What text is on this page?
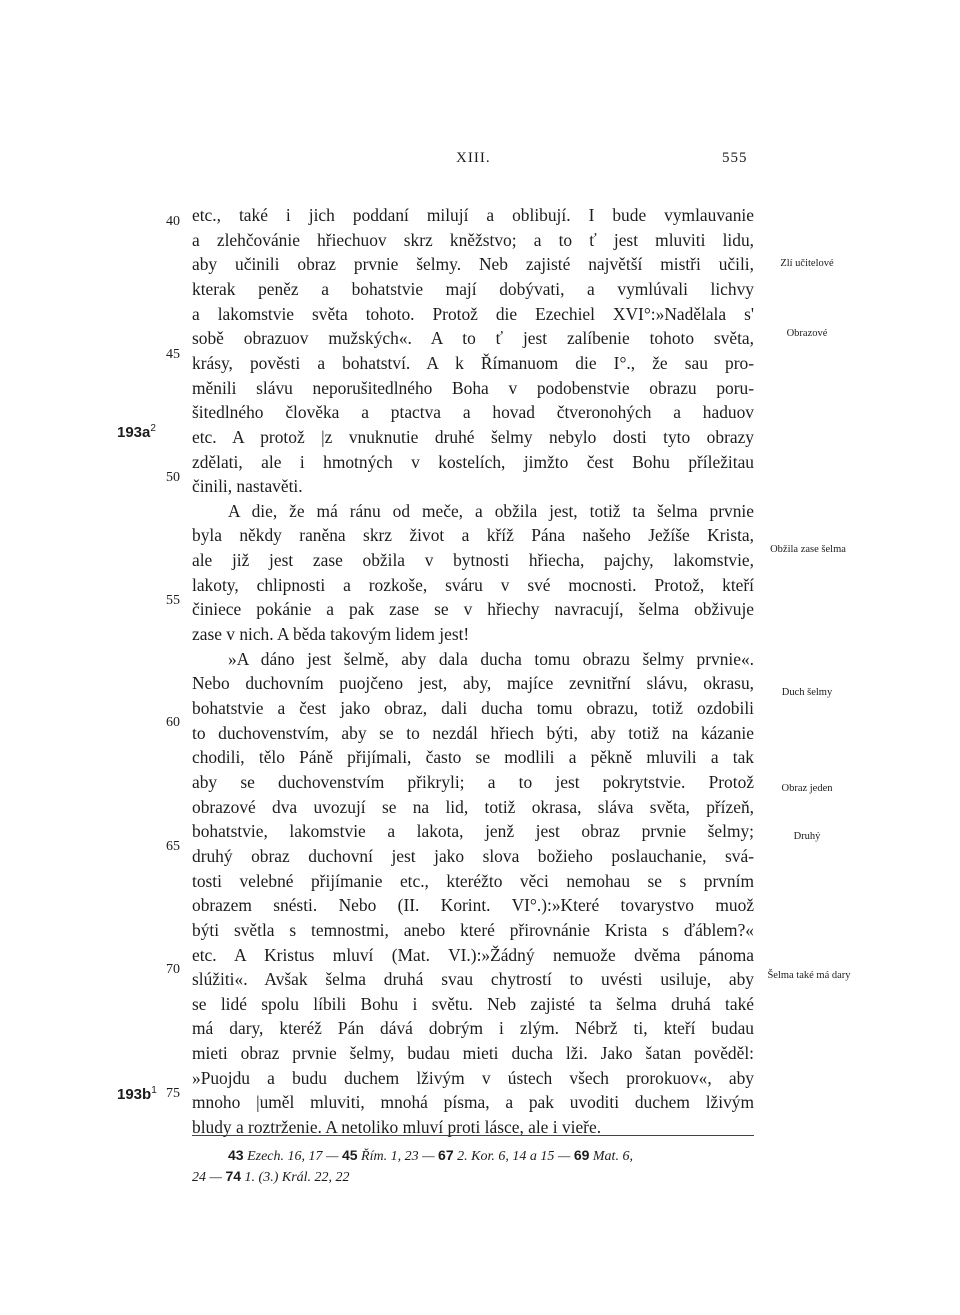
XIII.	555
etc., také i jich poddaní milují a oblibují. I bude vymlauvanie
a zlehčovánie hřiechuov skrz kněžstvo; a to ť jest mluviti lidu,
aby učinili obraz prvnie šelmy. Neb zajisté najvětší mistři učili,
kterak peněz a bohatstvie mají dobývati, a vymlúvali lichvy
a lakomstvie světa tohoto. Protož die Ezechiel XVI°:»Nadělala s'
sobě obrazuov mužských«. A to ť jest zalíbenie tohoto světa,
krásy, pověsti a bohatství. A k Římanuom die I°., že sau pro-
měnili slávu neporušitedlného Boha v podobenstvie obrazu poru-
šitedlného člověka a ptactva a hovad čtveronohých a haduov
etc. A protož |z vnuknutie druhé šelmy nebylo dosti tyto obrazy
zdělati, ale i hmotných v kostelích, jimžto čest Bohu příležitau
činili, nastavěti.
A die, že má ránu od meče, a obžila jest, totiž ta šelma prvnie
byla někdy raněna skrz život a kříž Pána našeho Ježíše Krista,
ale již jest zase obžila v bytnosti hřiecha, pajchy, lakomstvie,
lakoty, chlipnosti a rozkoše, sváru v své mocnosti. Protož, kteří
činiece pokánie a pak zase se v hřiechy navracují, šelma obživuje
zase v nich. A běda takovým lidem jest!
»A dáno jest šelmě, aby dala ducha tomu obrazu šelmy prvnie«.
Nebo duchovním puojčeno jest, aby, majíce zevnitřní slávu, okrasu,
bohatstvie a čest jako obraz, dali ducha tomu obrazu, totiž ozdobili
to duchovenstvím, aby se to nezdál hřiech býti, aby totiž na kázanie
chodili, tělo Páně přijímali, často se modlili a pěkně mluvili a tak
aby se duchovenstvím přikryli; a to jest pokrytstvie. Protož
obrazové dva uvozují se na lid, totiž okrasa, sláva světa, přízeň,
bohatstvie, lakomstvie a lakota, jenž jest obraz prvnie šelmy;
druhý obraz duchovní jest jako slova božieho poslauchanie, svá-
tosti velebné přijímanie etc., kteréžto věci nemohau se s prvním
obrazem snésti. Nebo (II. Korint. VI°.):»Které tovarystvo muož
býti světla s temnostmi, anebo které přirovnánie Krista s ďáblem?«
etc. A Kristus mluví (Mat. VI.):»Žádný nemuože dvěma pánoma
slúžiti«. Avšak šelma druhá svau chytrostí to uvésti usiluje, aby
se lidé spolu líbili Bohu i světu. Neb zajisté ta šelma druhá také
má dary, kteréž Pán dává dobrým i zlým. Nébrž ti, kteří budau
mieti obraz prvnie šelmy, budau mieti ducha lži. Jako šatan pověděl:
»Puojdu a budu duchem lživým v ústech všech prorokuov«, aby
mnoho |uměl mluviti, mnohá písma, a pak uvoditi duchem lživým
bludy a roztrženie. A netoliko mluví proti lásce, ale i vieře.
40
45
50
55
60
65
70
75
$193a^2$
$193b^1$
Zlí učitelové
Obrazové
Obžila zase šelma
Duch šelmy
Obraz jeden
Druhý
Šelma také má dary
43 Ezech. 16, 17 — 45 Řím. 1, 23 — 67 2. Kor. 6, 14 a 15 — 69 Mat. 6,
24 — 74 1. (3.) Král. 22, 22
